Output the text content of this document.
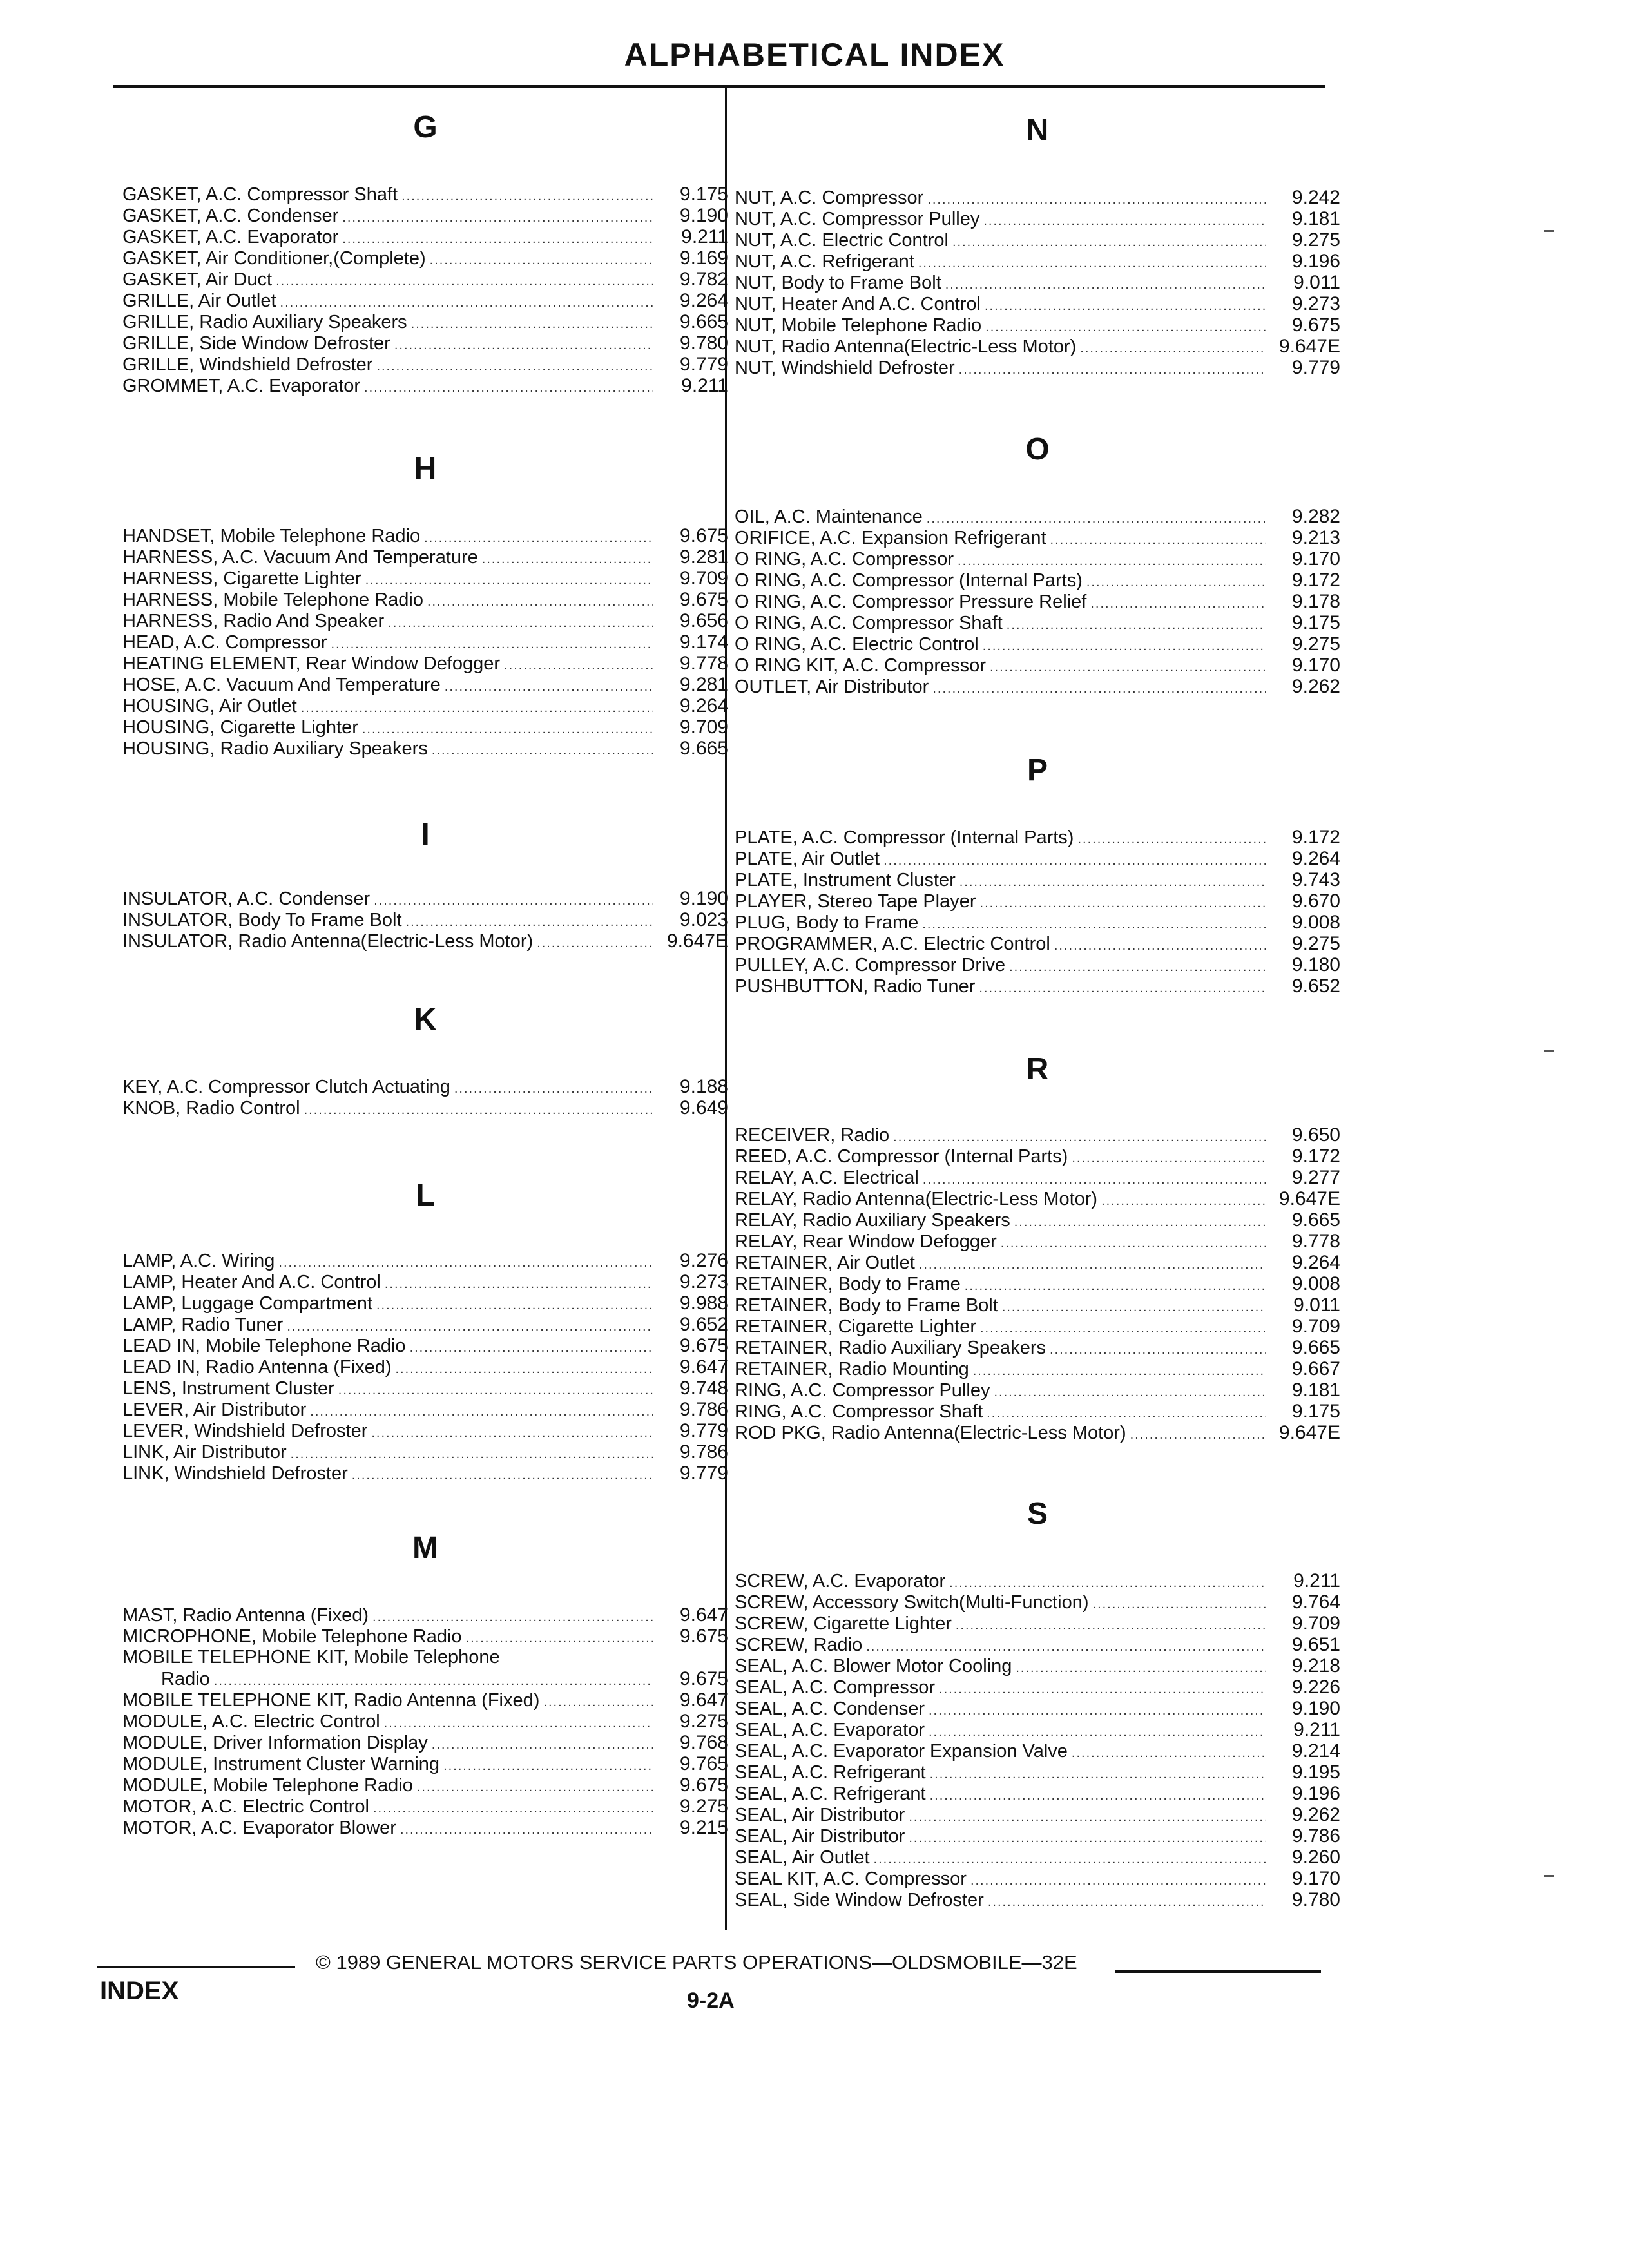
ALPHABETICAL INDEX
G
GASKET, A.C. Compressor Shaft .....	9.175
GASKET, A.C. Condenser .....	9.190
GASKET, A.C. Evaporator .....	9.211
GASKET, Air Conditioner,(Complete) .....	9.169
GASKET, Air Duct .....	9.782
GRILLE, Air Outlet .....	9.264
GRILLE, Radio Auxiliary Speakers .....	9.665
GRILLE, Side Window Defroster .....	9.780
GRILLE, Windshield Defroster .....	9.779
GROMMET, A.C. Evaporator .....	9.211
H
HANDSET, Mobile Telephone Radio .....	9.675
HARNESS, A.C. Vacuum And Temperature .....	9.281
HARNESS, Cigarette Lighter .....	9.709
HARNESS, Mobile Telephone Radio .....	9.675
HARNESS, Radio And Speaker .....	9.656
HEAD, A.C. Compressor .....	9.174
HEATING ELEMENT, Rear Window Defogger .....	9.778
HOSE, A.C. Vacuum And Temperature .....	9.281
HOUSING, Air Outlet .....	9.264
HOUSING, Cigarette Lighter .....	9.709
HOUSING, Radio Auxiliary Speakers .....	9.665
I
INSULATOR, A.C. Condenser .....	9.190
INSULATOR, Body To Frame Bolt .....	9.023
INSULATOR, Radio Antenna(Electric-Less Motor) .....	9.647E
K
KEY, A.C. Compressor Clutch Actuating .....	9.188
KNOB, Radio Control .....	9.649
L
LAMP, A.C. Wiring .....	9.276
LAMP, Heater And A.C. Control .....	9.273
LAMP, Luggage Compartment .....	9.988
LAMP, Radio Tuner .....	9.652
LEAD IN, Mobile Telephone Radio .....	9.675
LEAD IN, Radio Antenna (Fixed) .....	9.647
LENS, Instrument Cluster .....	9.748
LEVER, Air Distributor .....	9.786
LEVER, Windshield Defroster .....	9.779
LINK, Air Distributor .....	9.786
LINK, Windshield Defroster .....	9.779
M
MAST, Radio Antenna (Fixed) .....	9.647
MICROPHONE, Mobile Telephone Radio .....	9.675
MOBILE TELEPHONE KIT, Mobile Telephone
Radio .....	9.675
MOBILE TELEPHONE KIT, Radio Antenna (Fixed) .....	9.647
MODULE, A.C. Electric Control .....	9.275
MODULE, Driver Information Display .....	9.768
MODULE, Instrument Cluster Warning .....	9.765
MODULE, Mobile Telephone Radio .....	9.675
MOTOR, A.C. Electric Control .....	9.275
MOTOR, A.C. Evaporator Blower .....	9.215
N
NUT, A.C. Compressor .....	9.242
NUT, A.C. Compressor Pulley .....	9.181
NUT, A.C. Electric Control .....	9.275
NUT, A.C. Refrigerant .....	9.196
NUT, Body to Frame Bolt .....	9.011
NUT, Heater And A.C. Control .....	9.273
NUT, Mobile Telephone Radio .....	9.675
NUT, Radio Antenna(Electric-Less Motor) .....	9.647E
NUT, Windshield Defroster .....	9.779
O
OIL, A.C. Maintenance .....	9.282
ORIFICE, A.C. Expansion Refrigerant .....	9.213
O RING, A.C. Compressor .....	9.170
O RING, A.C. Compressor (Internal Parts) .....	9.172
O RING, A.C. Compressor Pressure Relief .....	9.178
O RING, A.C. Compressor Shaft .....	9.175
O RING, A.C. Electric Control .....	9.275
O RING KIT, A.C. Compressor .....	9.170
OUTLET, Air Distributor .....	9.262
P
PLATE, A.C. Compressor (Internal Parts) .....	9.172
PLATE, Air Outlet .....	9.264
PLATE, Instrument Cluster .....	9.743
PLAYER, Stereo Tape Player .....	9.670
PLUG, Body to Frame .....	9.008
PROGRAMMER, A.C. Electric Control .....	9.275
PULLEY, A.C. Compressor Drive .....	9.180
PUSHBUTTON, Radio Tuner .....	9.652
R
RECEIVER, Radio .....	9.650
REED, A.C. Compressor (Internal Parts) .....	9.172
RELAY, A.C. Electrical .....	9.277
RELAY, Radio Antenna(Electric-Less Motor) .....	9.647E
RELAY, Radio Auxiliary Speakers .....	9.665
RELAY, Rear Window Defogger .....	9.778
RETAINER, Air Outlet .....	9.264
RETAINER, Body to Frame .....	9.008
RETAINER, Body to Frame Bolt .....	9.011
RETAINER, Cigarette Lighter .....	9.709
RETAINER, Radio Auxiliary Speakers .....	9.665
RETAINER, Radio Mounting .....	9.667
RING, A.C. Compressor Pulley .....	9.181
RING, A.C. Compressor Shaft .....	9.175
ROD PKG, Radio Antenna(Electric-Less Motor) .....	9.647E
S
SCREW, A.C. Evaporator .....	9.211
SCREW, Accessory Switch(Multi-Function) .....	9.764
SCREW, Cigarette Lighter .....	9.709
SCREW, Radio .....	9.651
SEAL, A.C. Blower Motor Cooling .....	9.218
SEAL, A.C. Compressor .....	9.226
SEAL, A.C. Condenser .....	9.190
SEAL, A.C. Evaporator .....	9.211
SEAL, A.C. Evaporator Expansion Valve .....	9.214
SEAL, A.C. Refrigerant .....	9.195
SEAL, A.C. Refrigerant .....	9.196
SEAL, Air Distributor .....	9.262
SEAL, Air Distributor .....	9.786
SEAL, Air Outlet .....	9.260
SEAL KIT, A.C. Compressor .....	9.170
SEAL, Side Window Defroster .....	9.780
© 1989 GENERAL MOTORS SERVICE PARTS OPERATIONS—OLDSMOBILE—32E
INDEX	9-2A
